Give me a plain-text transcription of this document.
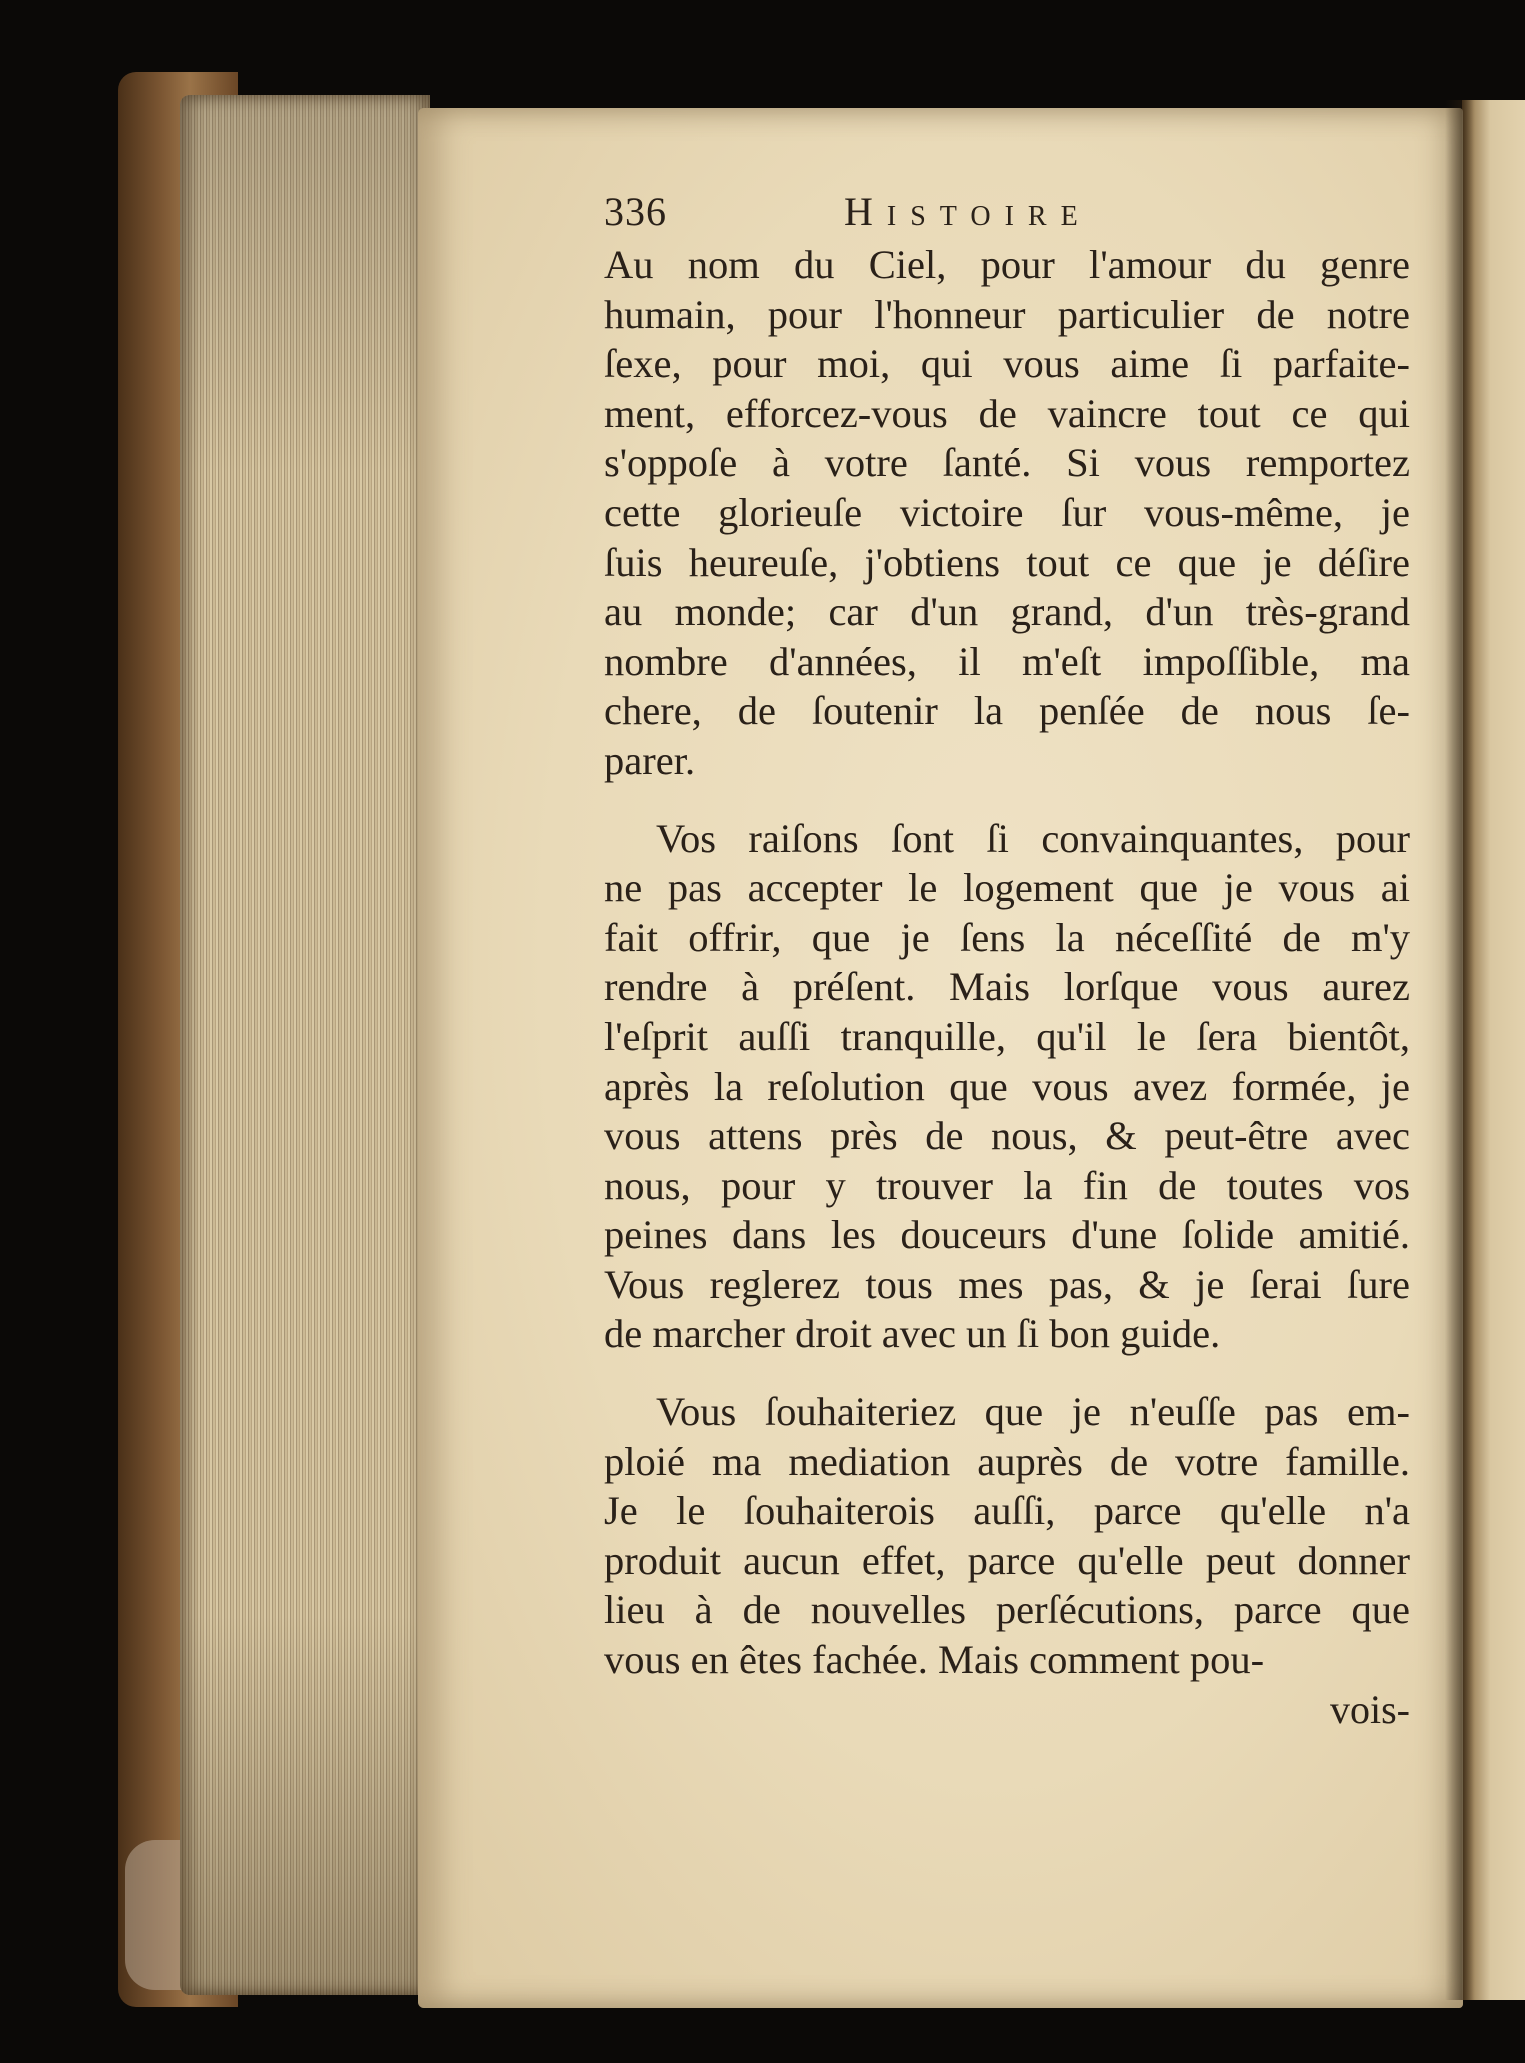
336	Histoire
Au nom du Ciel, pour l'amour du genre
humain, pour l'honneur particulier de notre
ſexe, pour moi, qui vous aime ſi parfaite-
ment, efforcez-vous de vaincre tout ce qui
s'oppoſe à votre ſanté. Si vous remportez
cette glorieuſe victoire ſur vous-même, je
ſuis heureuſe, j'obtiens tout ce que je déſire
au monde; car d'un grand, d'un très-grand
nombre d'années, il m'eſt impoſſible, ma
chere, de ſoutenir la penſée de nous ſe-
parer.
Vos raiſons ſont ſi convainquantes, pour
ne pas accepter le logement que je vous ai
fait offrir, que je ſens la néceſſité de m'y
rendre à préſent. Mais lorſque vous aurez
l'eſprit auſſi tranquille, qu'il le ſera bientôt,
après la reſolution que vous avez formée, je
vous attens près de nous, & peut-être avec
nous, pour y trouver la fin de toutes vos
peines dans les douceurs d'une ſolide amitié.
Vous reglerez tous mes pas, & je ſerai ſure
de marcher droit avec un ſi bon guide.
Vous ſouhaiteriez que je n'euſſe pas em-
ploié ma mediation auprès de votre famille.
Je le ſouhaiterois auſſi, parce qu'elle n'a
produit aucun effet, parce qu'elle peut donner
lieu à de nouvelles perſécutions, parce que
vous en êtes fachée. Mais comment pou-
vois-
